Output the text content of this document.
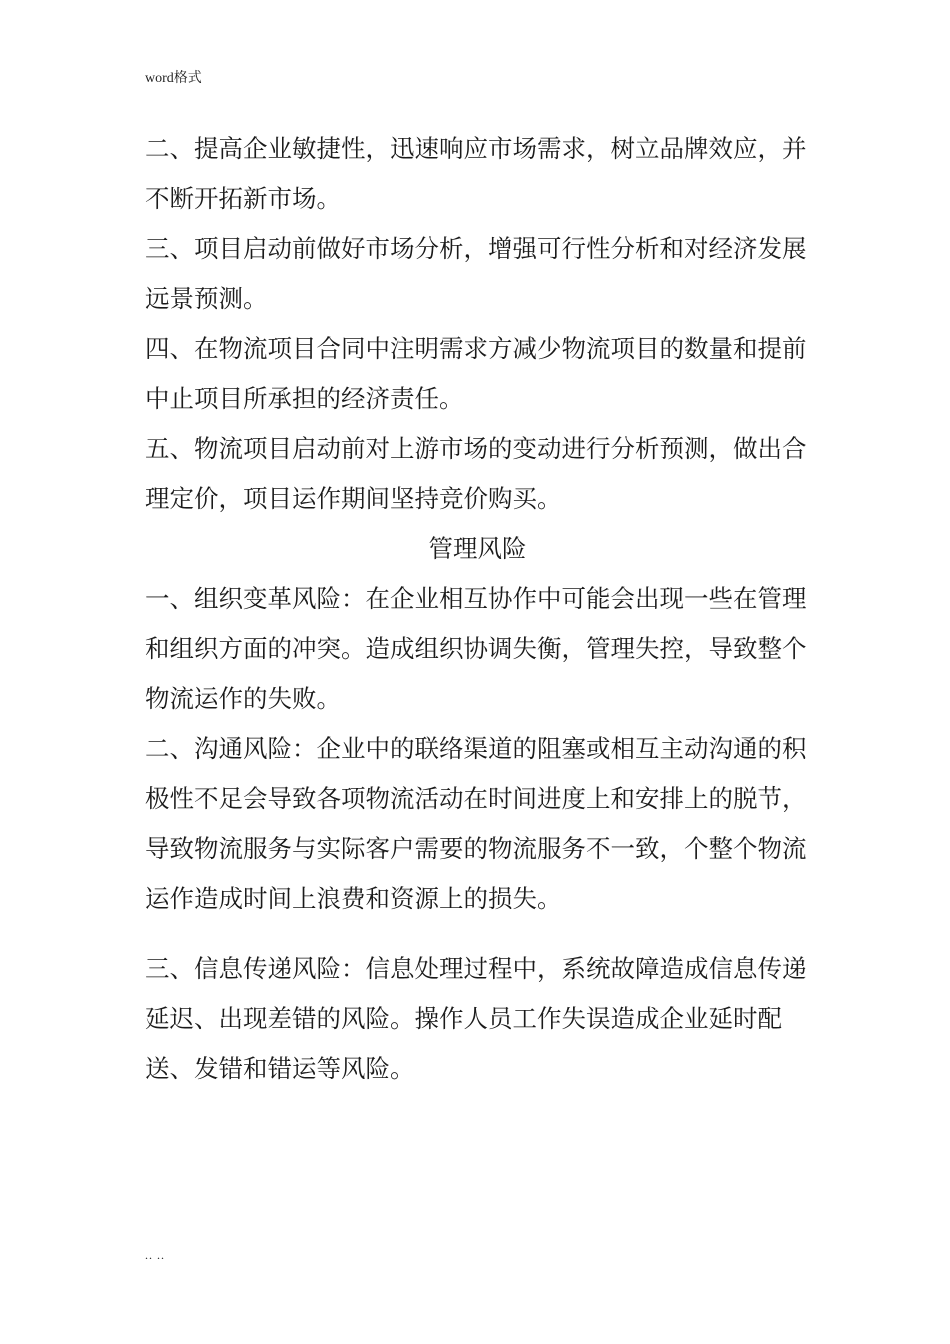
word格式

二、提高企业敏捷性，迅速响应市场需求，树立品牌效应，并不断开拓新市场。

三、项目启动前做好市场分析，增强可行性分析和对经济发展远景预测。

四、在物流项目合同中注明需求方减少物流项目的数量和提前中止项目所承担的经济责任。

五、物流项目启动前对上游市场的变动进行分析预测，做出合理定价，项目运作期间坚持竞价购买。

管理风险

一、组织变革风险：在企业相互协作中可能会出现一些在管理和组织方面的冲突。造成组织协调失衡，管理失控，导致整个物流运作的失败。

二、沟通风险：企业中的联络渠道的阻塞或相互主动沟通的积极性不足会导致各项物流活动在时间进度上和安排上的脱节，导致物流服务与实际客户需要的物流服务不一致，个整个物流运作造成时间上浪费和资源上的损失。

三、信息传递风险：信息处理过程中，系统故障造成信息传递延迟、出现差错的风险。操作人员工作失误造成企业延时配送、发错和错运等风险。

.. ..
